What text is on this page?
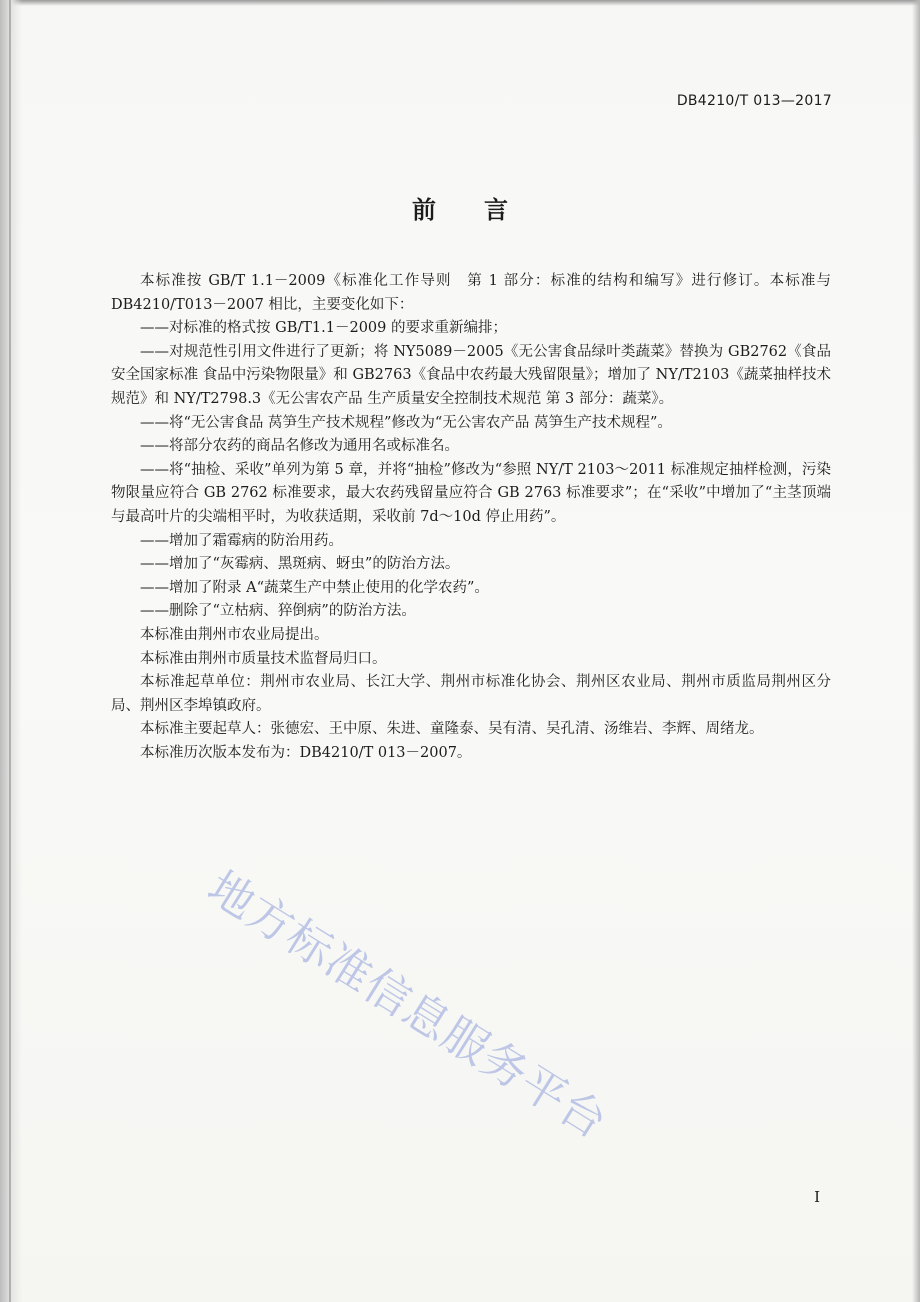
DB4210/T 013—2017
前言

本标准按 GB/T 1.1－2009《标准化工作导则　第 1 部分：标准的结构和编写》进行修订。本标准与 DB4210/T013－2007 相比，主要变化如下：

——对标准的格式按 GB/T1.1－2009 的要求重新编排；

——对规范性引用文件进行了更新；将 NY5089－2005《无公害食品绿叶类蔬菜》替换为 GB2762《食品安全国家标准 食品中污染物限量》和 GB2763《食品中农药最大残留限量》；增加了 NY/T2103《蔬菜抽样技术规范》和 NY/T2798.3《无公害农产品 生产质量安全控制技术规范 第 3 部分：蔬菜》。

——将“无公害食品 莴笋生产技术规程”修改为“无公害农产品 莴笋生产技术规程”。

——将部分农药的商品名修改为通用名或标准名。

——将“抽检、采收”单列为第 5 章，并将“抽检”修改为“参照 NY/T 2103～2011 标准规定抽样检测，污染物限量应符合 GB 2762 标准要求，最大农药残留量应符合 GB 2763 标准要求”；在“采收”中增加了“主茎顶端与最高叶片的尖端相平时，为收获适期，采收前 7d～10d 停止用药”。

——增加了霜霉病的防治用药。

——增加了“灰霉病、黑斑病、蚜虫”的防治方法。

——增加了附录 A“蔬菜生产中禁止使用的化学农药”。

——删除了“立枯病、猝倒病”的防治方法。

本标准由荆州市农业局提出。

本标准由荆州市质量技术监督局归口。

本标准起草单位：荆州市农业局、长江大学、荆州市标准化协会、荆州区农业局、荆州市质监局荆州区分局、荆州区李埠镇政府。

本标准主要起草人：张德宏、王中原、朱进、童隆泰、吴有清、吴孔清、汤维岩、李辉、周绪龙。

本标准历次版本发布为：DB4210/T 013－2007。

地方标准信息服务平台
I
